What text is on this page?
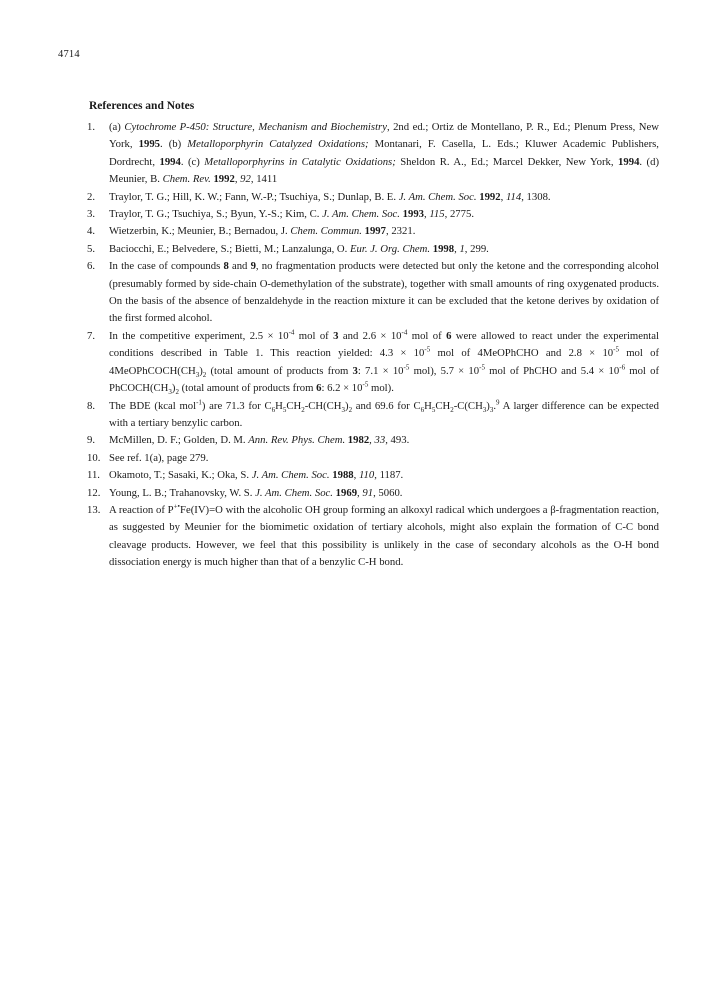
4714
References and Notes
1.	(a) Cytochrome P-450: Structure, Mechanism and Biochemistry, 2nd ed.; Ortiz de Montellano, P. R., Ed.; Plenum Press, New York, 1995. (b) Metalloporphyrin Catalyzed Oxidations; Montanari, F. Casella, L. Eds.; Kluwer Academic Publishers, Dordrecht, 1994. (c) Metalloporphyrins in Catalytic Oxidations; Sheldon R. A., Ed.; Marcel Dekker, New York, 1994. (d) Meunier, B. Chem. Rev. 1992, 92, 1411
2.	Traylor, T. G.; Hill, K. W.; Fann, W.-P.; Tsuchiya, S.; Dunlap, B. E. J. Am. Chem. Soc. 1992, 114, 1308.
3.	Traylor, T. G.; Tsuchiya, S.; Byun, Y.-S.; Kim, C. J. Am. Chem. Soc. 1993, 115, 2775.
4.	Wietzerbin, K.; Meunier, B.; Bernadou, J. Chem. Commun. 1997, 2321.
5.	Baciocchi, E.; Belvedere, S.; Bietti, M.; Lanzalunga, O. Eur. J. Org. Chem. 1998, 1, 299.
6.	In the case of compounds 8 and 9, no fragmentation products were detected but only the ketone and the corresponding alcohol (presumably formed by side-chain O-demethylation of the substrate), together with small amounts of ring oxygenated products. On the basis of the absence of benzaldehyde in the reaction mixture it can be excluded that the ketone derives by oxidation of the first formed alcohol.
7.	In the competitive experiment, $2.5 \times 10^{-4}$ mol of 3 and $2.6 \times 10^{-4}$ mol of 6 were allowed to react under the experimental conditions described in Table 1. This reaction yielded: $4.3 \times 10^{-5}$ mol of 4MeOPhCHO and $2.8 \times 10^{-5}$ mol of $4MeOPhCOCH(CH_3)_2$ (total amount of products from 3: $7.1 \times 10^{-5}$ mol), $5.7 \times 10^{-5}$ mol of PhCHO and $5.4 \times 10^{-6}$ mol of $PhCOCH(CH_3)_2$ (total amount of products from 6: $6.2 \times 10^{-5}$ mol).
8.	The BDE (kcal mol$^{-1}$) are 71.3 for $C_6H_5CH_2-CH(CH_3)_2$ and 69.6 for $C_6H_5CH_2-C(CH_3)_3.^9$ A larger difference can be expected with a tertiary benzylic carbon.
9.	McMillen, D. F.; Golden, D. M. Ann. Rev. Phys. Chem. 1982, 33, 493.
10. See ref. 1(a), page 279.
11. Okamoto, T.; Sasaki, K.; Oka, S. J. Am. Chem. Soc. 1988, 110, 1187.
12. Young, L. B.; Trahanovsky, W. S. J. Am. Chem. Soc. 1969, 91, 5060.
13. A reaction of P+•Fe(IV)=O with the alcoholic OH group forming an alkoxyl radical which undergoes a β-fragmentation reaction, as suggested by Meunier for the biomimetic oxidation of tertiary alcohols, might also explain the formation of C-C bond cleavage products. However, we feel that this possibility is unlikely in the case of secondary alcohols as the O-H bond dissociation energy is much higher than that of a benzylic C-H bond.
